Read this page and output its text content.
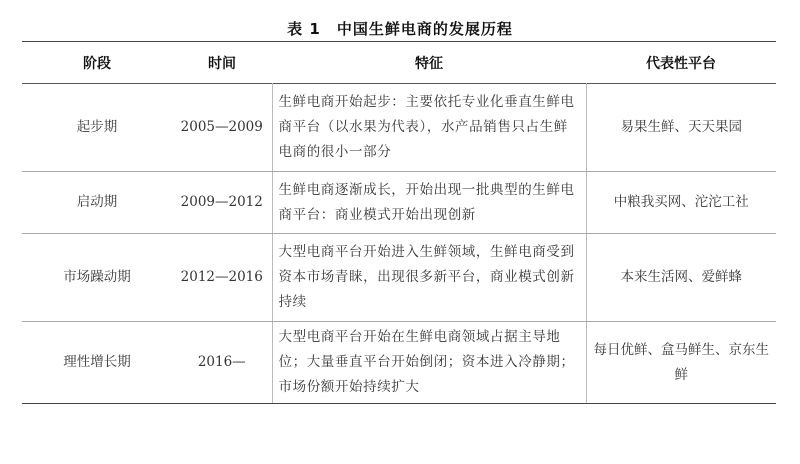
表 1　中国生鲜电商的发展历程
阶段	时间	特征	代表性平台
起步期	2005—2009	生鲜电商开始起步：主要依托专业化垂直生鲜电商平台（以水果为代表），水产品销售只占生鲜电商的很小一部分	易果生鲜、天天果园
启动期	2009—2012	生鲜电商逐渐成长，开始出现一批典型的生鲜电商平台：商业模式开始出现创新	中粮我买网、沱沱工社
市场躁动期	2012—2016	大型电商平台开始进入生鲜领域，生鲜电商受到资本市场青睐，出现很多新平台，商业模式创新持续	本来生活网、爱鲜蜂
理性增长期	2016—	大型电商平台开始在生鲜电商领域占据主导地位；大量垂直平台开始倒闭；资本进入冷静期；市场份额开始持续扩大	每日优鲜、盒马鲜生、京东生鲜
